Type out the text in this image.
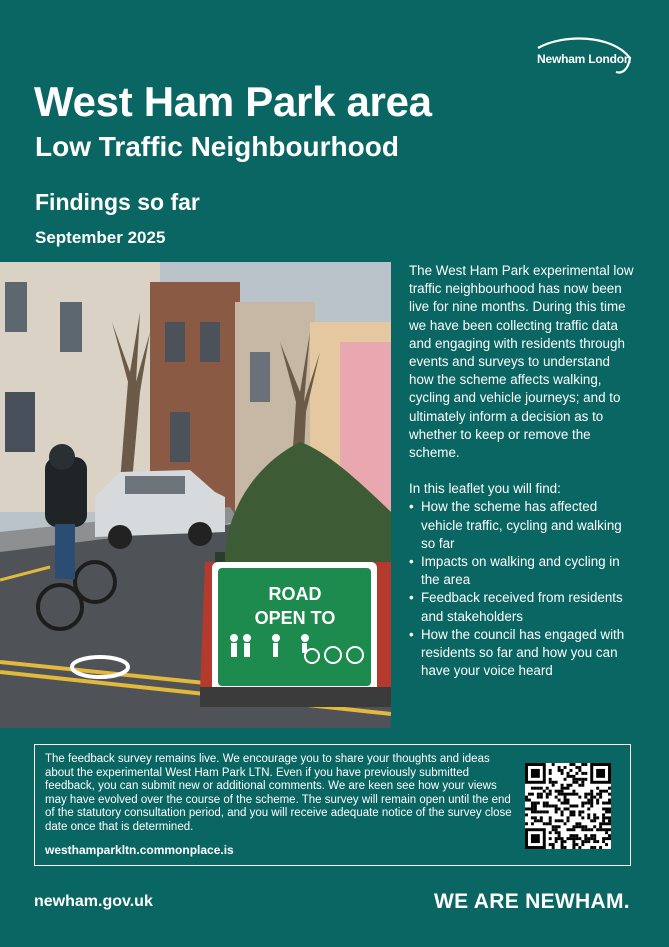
Newham London
West Ham Park area
Low Traffic Neighbourhood
Findings so far
September 2025
ROAD
OPEN TO

The West Ham Park experimental low traffic neighbourhood has now been live for nine months. During this time we have been collecting traffic data and engaging with residents through events and surveys to understand how the scheme affects walking, cycling and vehicle journeys; and to ultimately inform a decision as to whether to keep or remove the scheme.

In this leaflet you will find:
• How the scheme has affected vehicle traffic, cycling and walking so far
• Impacts on walking and cycling in the area
• Feedback received from residents and stakeholders
• How the council has engaged with residents so far and how you can have your voice heard
The feedback survey remains live. We encourage you to share your thoughts and ideas about the experimental West Ham Park LTN. Even if you have previously submitted feedback, you can submit new or additional comments. We are keen see how your views may have evolved over the course of the scheme. The survey will remain open until the end of the statutory consultation period, and you will receive adequate notice of the survey close date once that is determined.
westhamparkltn.commonplace.is
newham.gov.uk	WE ARE NEWHAM.
